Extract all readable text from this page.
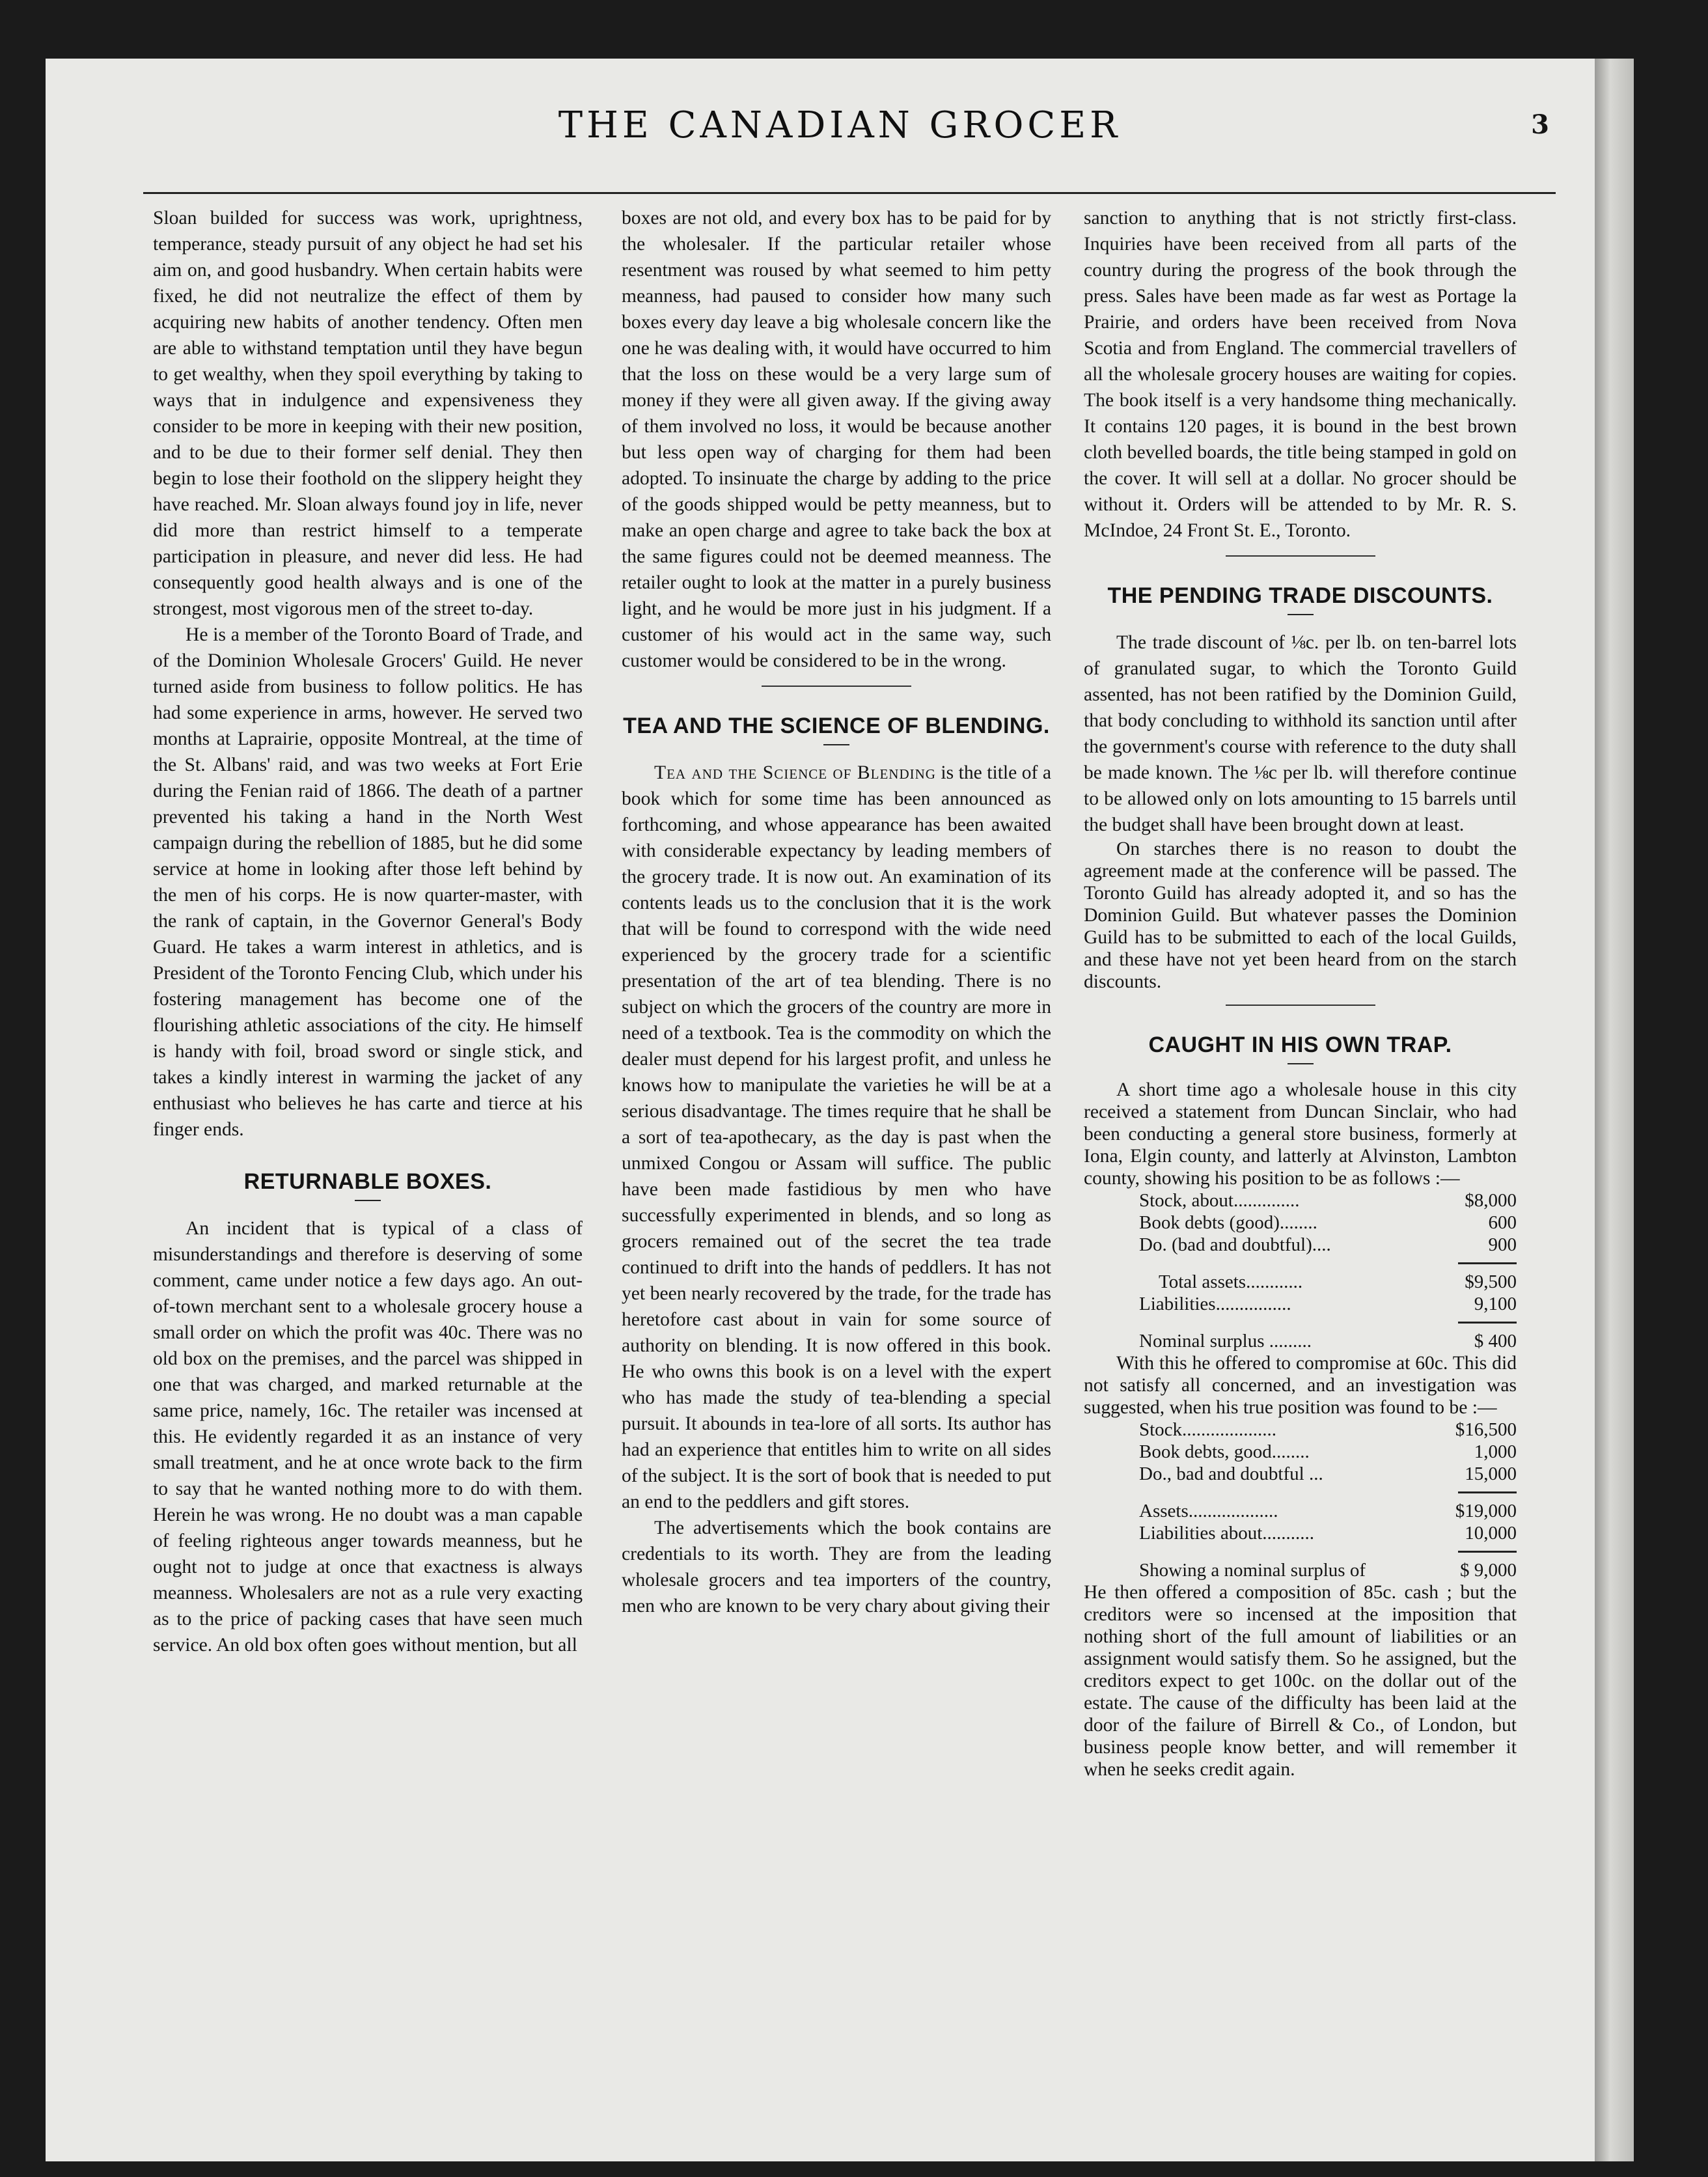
THE CANADIAN GROCER	3

Sloan builded for success was work, uprightness, temperance, steady pursuit of any object he had set his aim on, and good husbandry. When certain habits were fixed, he did not neutralize the effect of them by acquiring new habits of another tendency. Often men are able to withstand temptation until they have begun to get wealthy, when they spoil everything by taking to ways that in indulgence and expensiveness they consider to be more in keeping with their new position, and to be due to their former self denial. They then begin to lose their foothold on the slippery height they have reached. Mr. Sloan always found joy in life, never did more than restrict himself to a temperate participation in pleasure, and never did less. He had consequently good health always and is one of the strongest, most vigorous men of the street to-day.

He is a member of the Toronto Board of Trade, and of the Dominion Wholesale Grocers' Guild. He never turned aside from business to follow politics. He has had some experience in arms, however. He served two months at Laprairie, opposite Montreal, at the time of the St. Albans' raid, and was two weeks at Fort Erie during the Fenian raid of 1866. The death of a partner prevented his taking a hand in the North West campaign during the rebellion of 1885, but he did some service at home in looking after those left behind by the men of his corps. He is now quarter-master, with the rank of captain, in the Governor General's Body Guard. He takes a warm interest in athletics, and is President of the Toronto Fencing Club, which under his fostering management has become one of the flourishing athletic associations of the city. He himself is handy with foil, broad sword or single stick, and takes a kindly interest in warming the jacket of any enthusiast who believes he has carte and tierce at his finger ends.

RETURNABLE BOXES.

An incident that is typical of a class of misunderstandings and therefore is deserving of some comment, came under notice a few days ago. An out-of-town merchant sent to a wholesale grocery house a small order on which the profit was 40c. There was no old box on the premises, and the parcel was shipped in one that was charged, and marked returnable at the same price, namely, 16c. The retailer was incensed at this. He evidently regarded it as an instance of very small treatment, and he at once wrote back to the firm to say that he wanted nothing more to do with them. Herein he was wrong. He no doubt was a man capable of feeling righteous anger towards meanness, but he ought not to judge at once that exactness is always meanness. Wholesalers are not as a rule very exacting as to the price of packing cases that have seen much service. An old box often goes without mention, but all

boxes are not old, and every box has to be paid for by the wholesaler. If the particular retailer whose resentment was roused by what seemed to him petty meanness, had paused to consider how many such boxes every day leave a big wholesale concern like the one he was dealing with, it would have occurred to him that the loss on these would be a very large sum of money if they were all given away. If the giving away of them involved no loss, it would be because another but less open way of charging for them had been adopted. To insinuate the charge by adding to the price of the goods shipped would be petty meanness, but to make an open charge and agree to take back the box at the same figures could not be deemed meanness. The retailer ought to look at the matter in a purely business light, and he would be more just in his judgment. If a customer of his would act in the same way, such customer would be considered to be in the wrong.

TEA AND THE SCIENCE OF BLENDING.

Tea and the Science of Blending is the title of a book which for some time has been announced as forthcoming, and whose appearance has been awaited with considerable expectancy by leading members of the grocery trade. It is now out. An examination of its contents leads us to the conclusion that it is the work that will be found to correspond with the wide need experienced by the grocery trade for a scientific presentation of the art of tea blending. There is no subject on which the grocers of the country are more in need of a textbook. Tea is the commodity on which the dealer must depend for his largest profit, and unless he knows how to manipulate the varieties he will be at a serious disadvantage. The times require that he shall be a sort of tea-apothecary, as the day is past when the unmixed Congou or Assam will suffice. The public have been made fastidious by men who have successfully experimented in blends, and so long as grocers remained out of the secret the tea trade continued to drift into the hands of peddlers. It has not yet been nearly recovered by the trade, for the trade has heretofore cast about in vain for some source of authority on blending. It is now offered in this book. He who owns this book is on a level with the expert who has made the study of tea-blending a special pursuit. It abounds in tea-lore of all sorts. Its author has had an experience that entitles him to write on all sides of the subject. It is the sort of book that is needed to put an end to the peddlers and gift stores.

The advertisements which the book contains are credentials to its worth. They are from the leading wholesale grocers and tea importers of the country, men who are known to be very chary about giving their

sanction to anything that is not strictly first-class. Inquiries have been received from all parts of the country during the progress of the book through the press. Sales have been made as far west as Portage la Prairie, and orders have been received from Nova Scotia and from England. The commercial travellers of all the wholesale grocery houses are waiting for copies. The book itself is a very handsome thing mechanically. It contains 120 pages, it is bound in the best brown cloth bevelled boards, the title being stamped in gold on the cover. It will sell at a dollar. No grocer should be without it. Orders will be attended to by Mr. R. S. McIndoe, 24 Front St. E., Toronto.

THE PENDING TRADE DISCOUNTS.

The trade discount of ⅛c. per lb. on ten-barrel lots of granulated sugar, to which the Toronto Guild assented, has not been ratified by the Dominion Guild, that body concluding to withhold its sanction until after the government's course with reference to the duty shall be made known. The ⅛c per lb. will therefore continue to be allowed only on lots amounting to 15 barrels until the budget shall have been brought down at least.

On starches there is no reason to doubt the agreement made at the conference will be passed. The Toronto Guild has already adopted it, and so has the Dominion Guild. But whatever passes the Dominion Guild has to be submitted to each of the local Guilds, and these have not yet been heard from on the starch discounts.

CAUGHT IN HIS OWN TRAP.

A short time ago a wholesale house in this city received a statement from Duncan Sinclair, who had been conducting a general store business, formerly at Iona, Elgin county, and latterly at Alvinston, Lambton county, showing his position to be as follows :—

Stock, about..............	$8,000
Book debts (good)........	600
Do. (bad and doubtful)....	900
Total assets............	$9,500
Liabilities................	9,100
Nominal surplus .........	$ 400

With this he offered to compromise at 60c. This did not satisfy all concerned, and an investigation was suggested, when his true position was found to be :—

Stock....................	$16,500
Book debts, good........	1,000
Do., bad and doubtful ...	15,000
Assets...................	$19,000
Liabilities about...........	10,000
Showing a nominal surplus of	$ 9,000

He then offered a composition of 85c. cash ; but the creditors were so incensed at the imposition that nothing short of the full amount of liabilities or an assignment would satisfy them. So he assigned, but the creditors expect to get 100c. on the dollar out of the estate. The cause of the difficulty has been laid at the door of the failure of Birrell & Co., of London, but business people know better, and will remember it when he seeks credit again.
